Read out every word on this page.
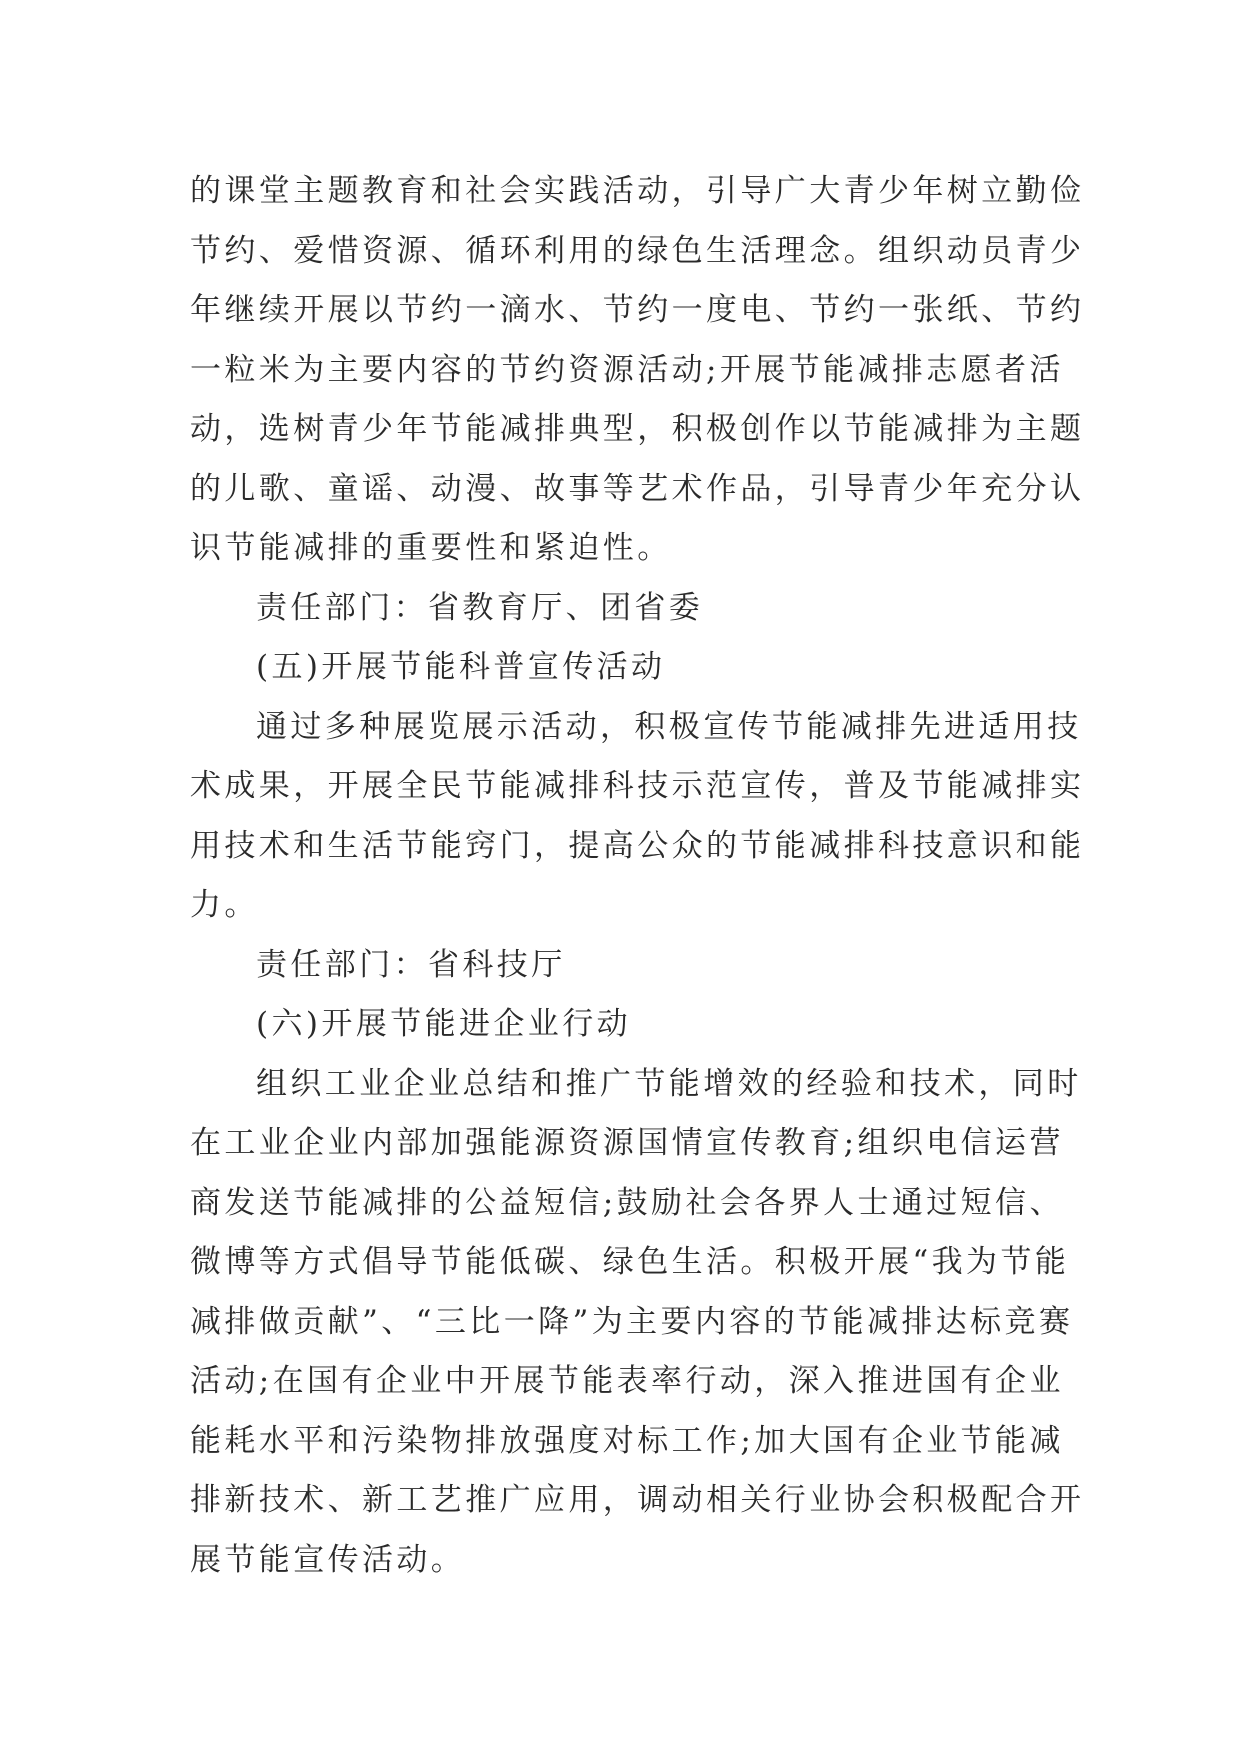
的课堂主题教育和社会实践活动，引导广大青少年树立勤俭
节约、爱惜资源、循环利用的绿色生活理念。组织动员青少
年继续开展以节约一滴水、节约一度电、节约一张纸、节约
一粒米为主要内容的节约资源活动;开展节能减排志愿者活
动，选树青少年节能减排典型，积极创作以节能减排为主题
的儿歌、童谣、动漫、故事等艺术作品，引导青少年充分认
识节能减排的重要性和紧迫性。
责任部门：省教育厅、团省委
(五)开展节能科普宣传活动
通过多种展览展示活动，积极宣传节能减排先进适用技
术成果，开展全民节能减排科技示范宣传，普及节能减排实
用技术和生活节能窍门，提高公众的节能减排科技意识和能
力。
责任部门：省科技厅
(六)开展节能进企业行动
组织工业企业总结和推广节能增效的经验和技术，同时
在工业企业内部加强能源资源国情宣传教育;组织电信运营
商发送节能减排的公益短信;鼓励社会各界人士通过短信、
微博等方式倡导节能低碳、绿色生活。积极开展“我为节能
减排做贡献”、“三比一降”为主要内容的节能减排达标竞赛
活动;在国有企业中开展节能表率行动，深入推进国有企业
能耗水平和污染物排放强度对标工作;加大国有企业节能减
排新技术、新工艺推广应用，调动相关行业协会积极配合开
展节能宣传活动。
